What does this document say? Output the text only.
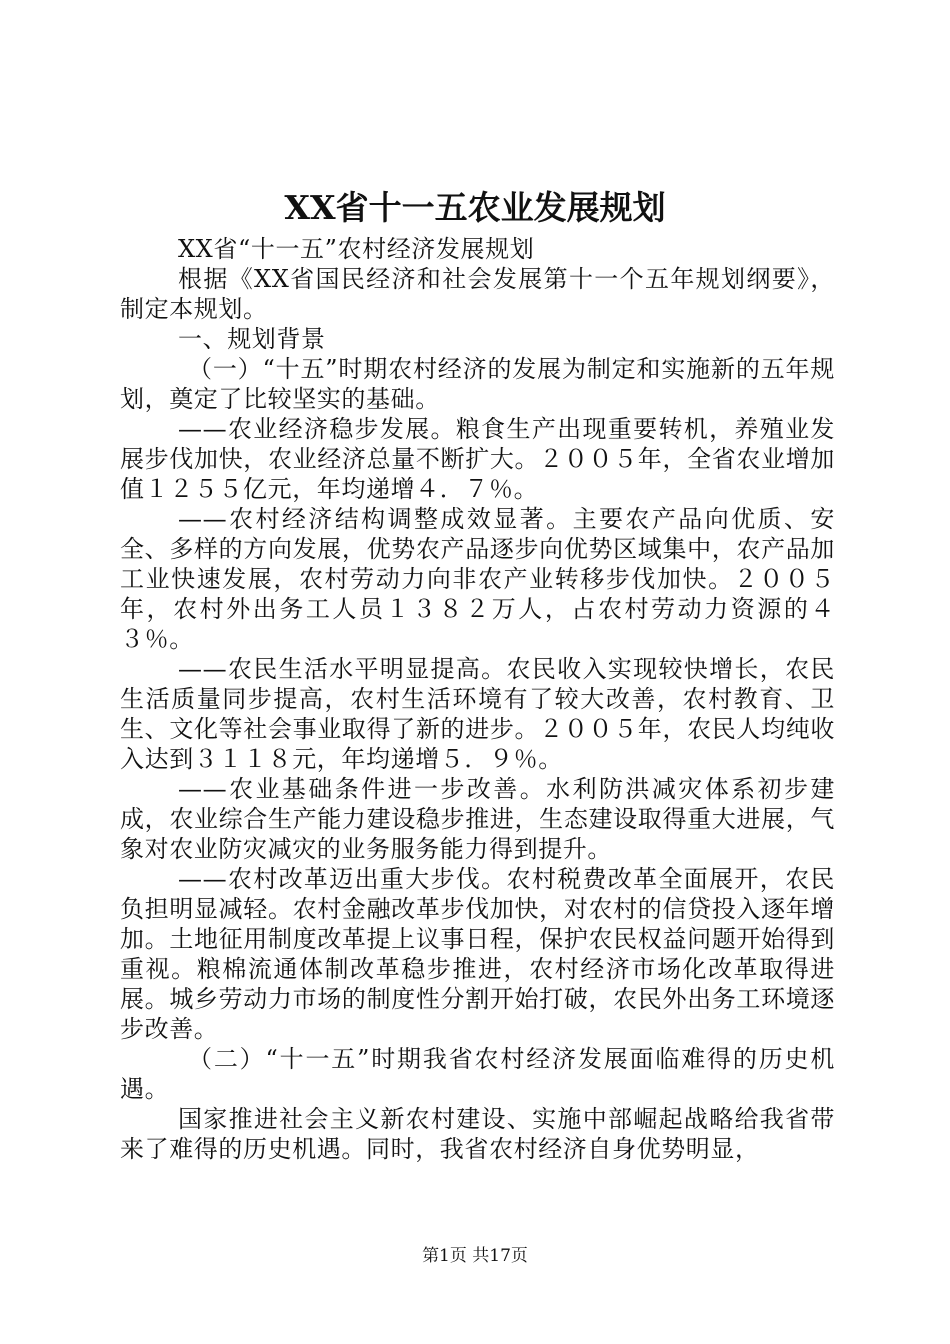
XX省十一五农业发展规划

XX省“十一五”农村经济发展规划

根据《XX省国民经济和社会发展第十一个五年规划纲要》，制定本规划。

一、规划背景

（一）“十五”时期农村经济的发展为制定和实施新的五年规划，奠定了比较坚实的基础。

——农业经济稳步发展。粮食生产出现重要转机，养殖业发展步伐加快，农业经济总量不断扩大。２００５年，全省农业增加值１２５５亿元，年均递增４．７％。

——农村经济结构调整成效显著。主要农产品向优质、安全、多样的方向发展，优势农产品逐步向优势区域集中，农产品加工业快速发展，农村劳动力向非农产业转移步伐加快。２００５年，农村外出务工人员１３８２万人，占农村劳动力资源的４３％。

——农民生活水平明显提高。农民收入实现较快增长，农民生活质量同步提高，农村生活环境有了较大改善，农村教育、卫生、文化等社会事业取得了新的进步。２００５年，农民人均纯收入达到３１１８元，年均递增５．９％。

——农业基础条件进一步改善。水利防洪减灾体系初步建成，农业综合生产能力建设稳步推进，生态建设取得重大进展，气象对农业防灾减灾的业务服务能力得到提升。

——农村改革迈出重大步伐。农村税费改革全面展开，农民负担明显减轻。农村金融改革步伐加快，对农村的信贷投入逐年增加。土地征用制度改革提上议事日程，保护农民权益问题开始得到重视。粮棉流通体制改革稳步推进，农村经济市场化改革取得进展。城乡劳动力市场的制度性分割开始打破，农民外出务工环境逐步改善。

（二）“十一五”时期我省农村经济发展面临难得的历史机遇。

国家推进社会主义新农村建设、实施中部崛起战略给我省带来了难得的历史机遇。同时，我省农村经济自身优势明显，

第1页 共17页
